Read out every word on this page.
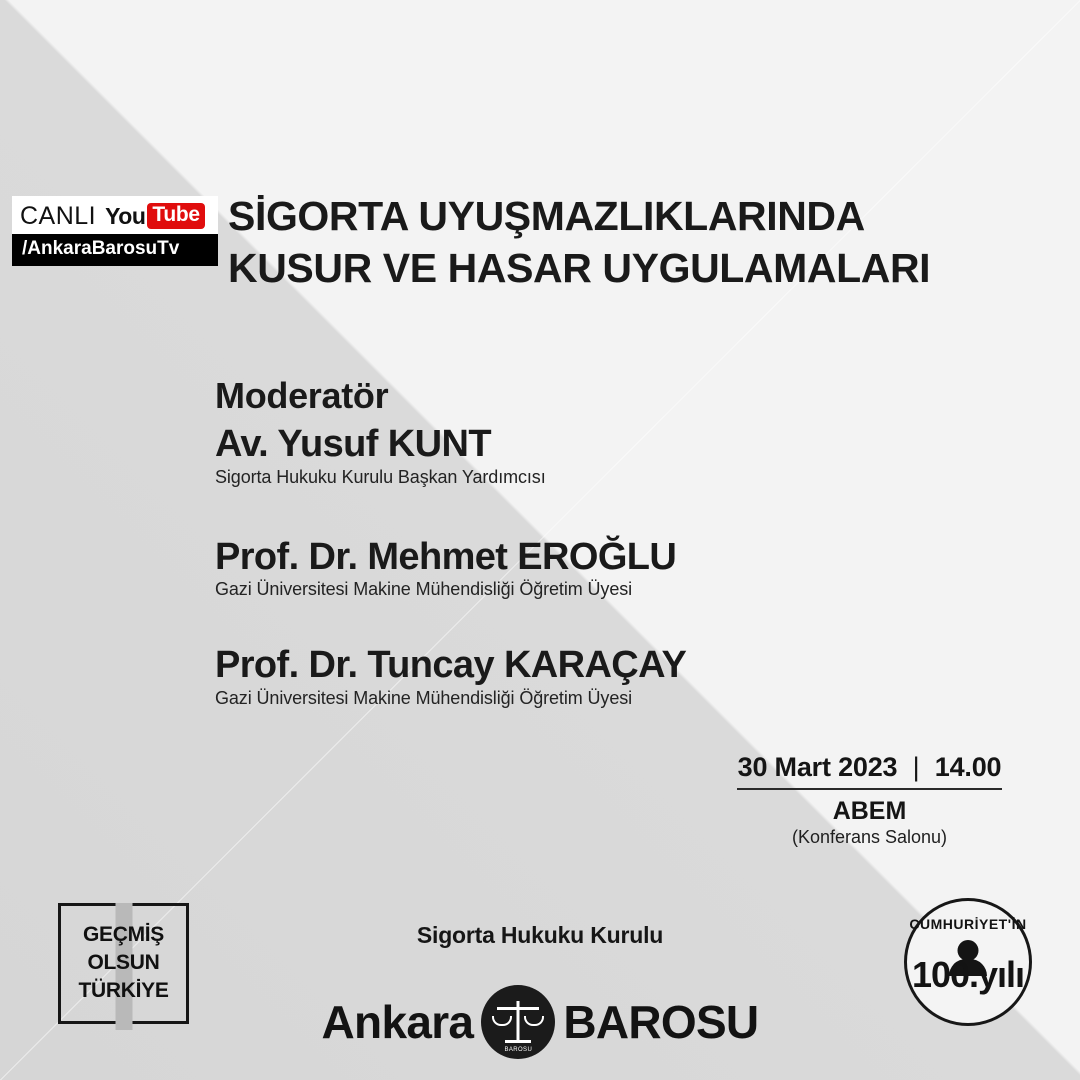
CANLI You Tube
/AnkaraBarosuTv
SİGORTA UYUŞMAZLIKLARINDA
KUSUR VE HASAR UYGULAMALARI
Moderatör
Av. Yusuf KUNT
Sigorta Hukuku Kurulu Başkan Yardımcısı
Prof. Dr. Mehmet EROĞLU
Gazi Üniversitesi Makine Mühendisliği Öğretim Üyesi
Prof. Dr. Tuncay KARAÇAY
Gazi Üniversitesi Makine Mühendisliği Öğretim Üyesi
30 Mart 2023 | 14.00
ABEM
(Konferans Salonu)
Sigorta Hukuku Kurulu
GEÇMİŞ
OLSUN
TÜRKİYE
Ankara
BAROSU
BAROSU
CUMHURİYET'İN
100.yılı
